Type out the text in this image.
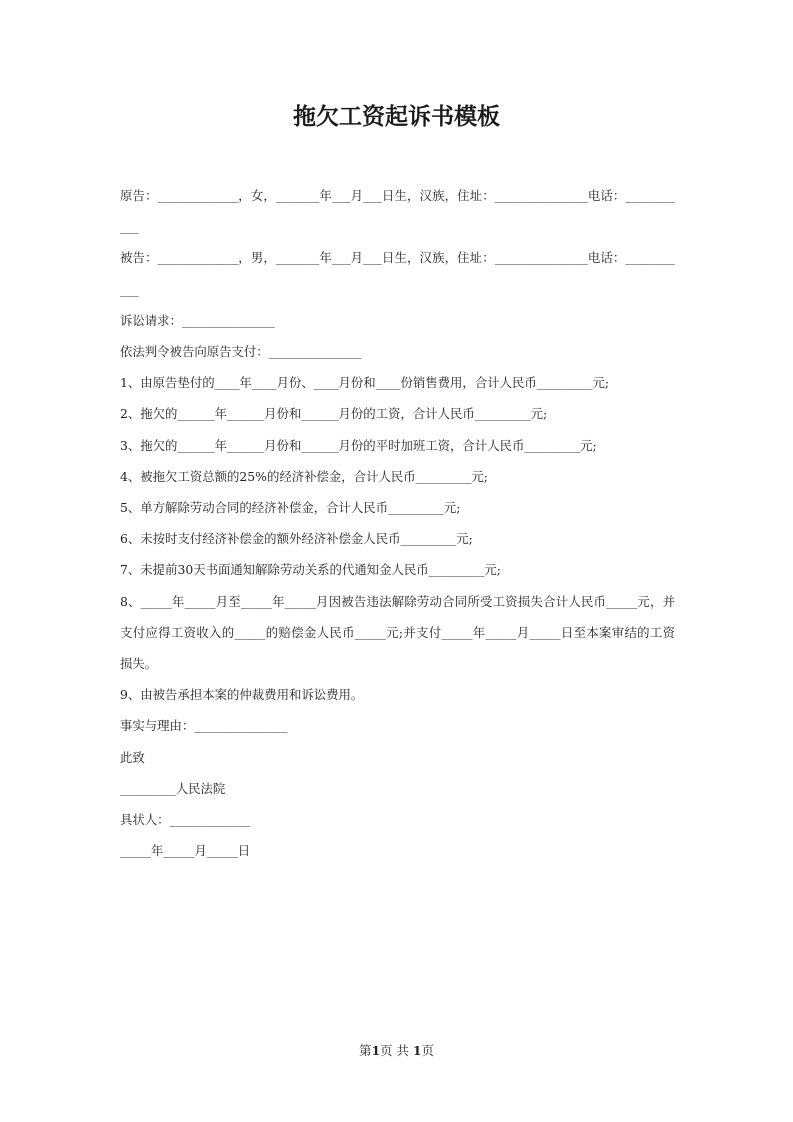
拖欠工资起诉书模板

原告：_____________，女，_______年___月___日生，汉族，住址：_______________电话：___________

被告：_____________，男，_______年___月___日生，汉族，住址：_______________电话：___________

诉讼请求：_______________

依法判令被告向原告支付：_______________

1、由原告垫付的____年____月份、____月份和____份销售费用，合计人民币_________元;

2、拖欠的______年______月份和______月份的工资，合计人民币_________元;

3、拖欠的______年______月份和______月份的平时加班工资，合计人民币_________元;

4、被拖欠工资总额的25%的经济补偿金，合计人民币_________元;

5、单方解除劳动合同的经济补偿金，合计人民币_________元;

6、未按时支付经济补偿金的额外经济补偿金人民币_________元;

7、未提前30天书面通知解除劳动关系的代通知金人民币_________元;

8、_____年_____月至_____年_____月因被告违法解除劳动合同所受工资损失合计人民币_____元，并支付应得工资收入的_____的赔偿金人民币_____元;并支付_____年_____月_____日至本案审结的工资损失。

9、由被告承担本案的仲裁费用和诉讼费用。

事实与理由：_______________

此致

_________人民法院

具状人：_____________

_____年_____月_____日

第1页 共 1页
